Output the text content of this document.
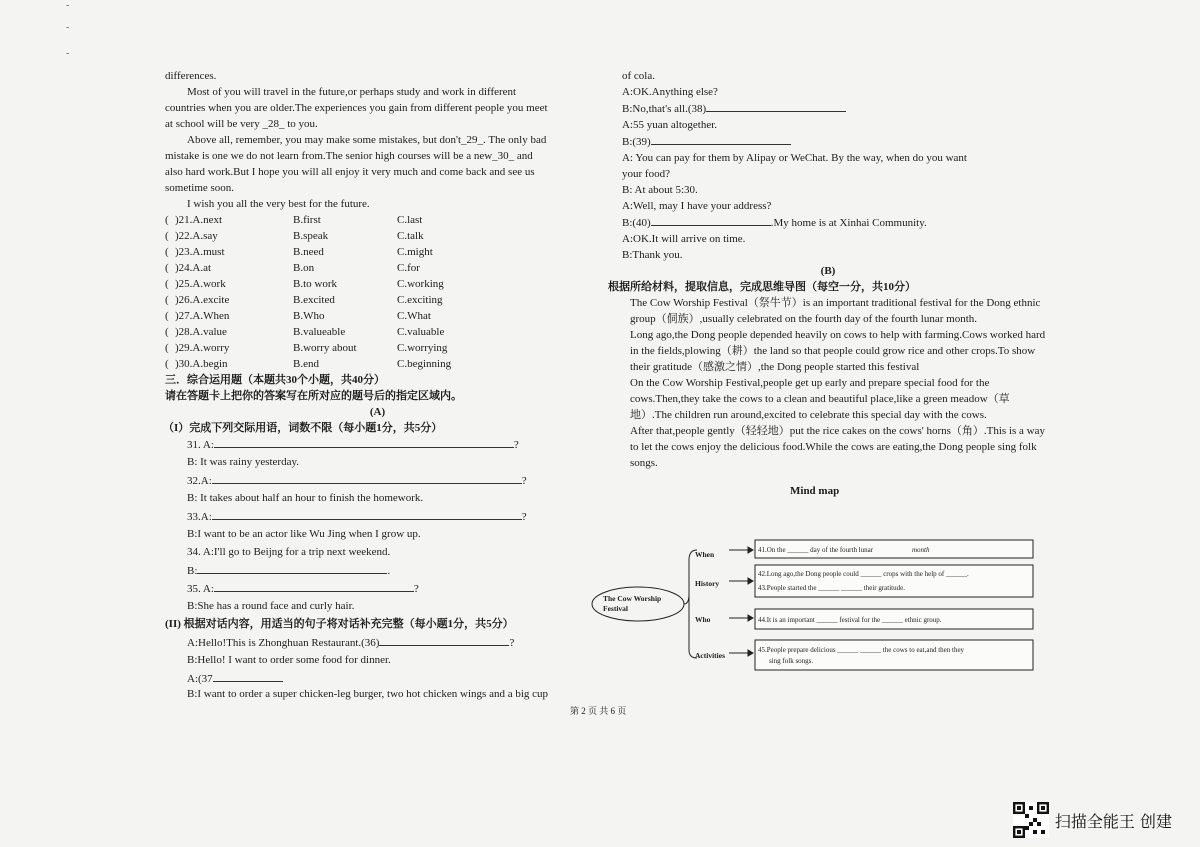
-
-
-
differences.
Most of you will travel in the future,or perhaps study and work in different
countries when you are older.The experiences you gain from different people you meet
at school will be very _28_ to you.
Above all, remember, you may make some mistakes, but don't_29_. The only bad
mistake is one we do not learn from.The senior high courses will be a new_30_ and
also hard work.But I hope you will all enjoy it very much and come back and see us
sometime soon.
I wish you all the very best for the future.
( )21.A.next	B.first	C.last
( )22.A.say	B.speak	C.talk
( )23.A.must	B.need	C.might
( )24.A.at	B.on	C.for
( )25.A.work	B.to work	C.working
( )26.A.excite	B.excited	C.exciting
( )27.A.When	B.Who	C.What
( )28.A.value	B.valueable	C.valuable
( )29.A.worry	B.worry about	C.worrying
( )30.A.begin	B.end	C.beginning
三．综合运用题（本题共30个小题，共40分）
请在答题卡上把你的答案写在所对应的题号后的指定区域内。
(A)
（I）完成下列交际用语，词数不限（每小题1分，共5分）
31. A:	?
B: It was rainy yesterday.
32.A:	?
B: It takes about half an hour to finish the homework.
33.A:	?
B:I want to be an actor like Wu Jing when I grow up.
34. A:I'll go to Beijng for a trip next weekend.
B:	.
35. A:	?
B:She has a round face and curly hair.
(II) 根据对话内容，用适当的句子将对话补充完整（每小题1分，共5分）
A:Hello!This is Zhonghuan Restaurant.(36)	?
B:Hello! I want to order some food for dinner.
A:(37
B:I want to order a super chicken-leg burger, two hot chicken wings and a big cup
of cola.
A:OK.Anything else?
B:No,that's all.(38)
A:55 yuan altogether.
B:(39)
A: You can pay for them by Alipay or WeChat. By the way, when do you want
your food?
B: At about 5:30.
A:Well, may I have your address?
B:(40)	.My home is at Xinhai Community.
A:OK.It will arrive on time.
B:Thank you.
(B)
根据所给材料，提取信息，完成思维导图（每空一分，共10分）
The Cow Worship Festival（祭牛节）is an important traditional festival for the Dong ethnic group（侗族）,usually celebrated on the fourth day of the fourth lunar month.
Long ago,the Dong people depended heavily on cows to help with farming.Cows worked hard in the fields,plowing（耕）the land so that people could grow rice and other crops.To show their gratitude（感激之情）,the Dong people started this festival
On the Cow Worship Festival,people get up early and prepare special food for the cows.Then,they take the cows to a clean and beautiful place,like a green meadow（草地）.The children run around,excited to celebrate this special day with the cows.
After that,people gently（轻轻地）put the rice cakes on the cows' horns（角）.This is a way to let the cows enjoy the delicious food.While the cows are eating,the Dong people sing folk songs.
Mind map
The Cow Worship
Festival
When
History
Who
Activities
41.On the ______ day of the fourth lunar	month
42.Long ago,the Dong people could ______ crops with the help of ______.
43.People started the ______ ______ their gratitude.
44.It is an important ______ festival for the ______ ethnic group.
45.People prepare delicious ______ ______ the cows to eat,and then they
sing folk songs.
第 2 页 共 6 页
扫描全能王 创建
